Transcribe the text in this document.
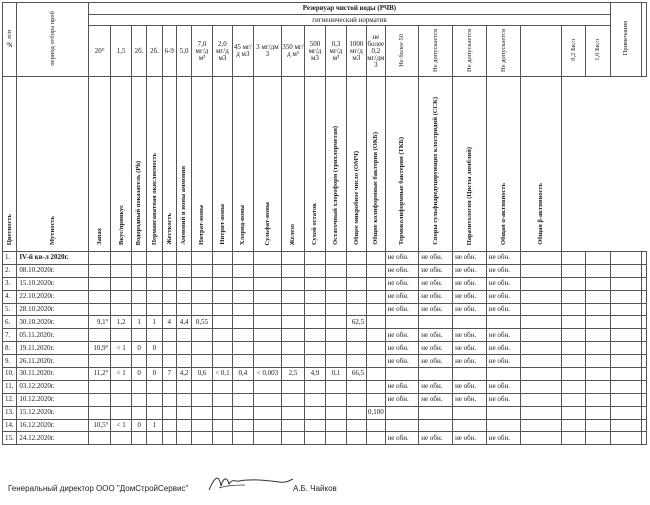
№ п/п	период отбора проб	Резервуар чистой воды (РЧВ)																						Примечания	
		гигиенический норматив																							
		20°	1,5	2б.	2б.	6-9	5,0	7,0 мг/д м³	2,0 мг/д м3	45 мг/д м3	3 мг/дм 3	350 мг/д м³	500 мг/д м3	0,3 мг/д м³	1000 мг/д м3	не более 0,2 мг/дм 3	Не более 50	Не допускается	Не допускается	Не допускается		0,2 Бк/л	1,0 Бк/л		
Цветность	Мутность	Запах	Вкус/привкус	Водородный показатель (Ph)	Перманганатная окисляемость	Жесткость	Аммоний и ионы аммония	Нитрат-ионы	Нитрит-ионы	Хлорид-ионы	Сульфат-ионы	Железо	Сухой остаток	Остаточный хлороформ (трихлорметан)	Общее микробное число (ОМЧ)	Общие колиформные бактерии (ОКБ)	Термоколиформные бактерии (ТКБ)	Споры сульфидредуцирующих клостридий (ССК)	Паразитология (Цисты лямблий)	Общая α-активность	Общая β-активность				
1.	IV-й кв-л 2020г.																не обн.	не обн.	не обн.	не обн.					
2.	08.10.2020г.																не обн.	не обн.	не обн.	не обн.					
3.	15.10.2020г.																не обн.	не обн.	не обн.	не обн.					
4.	22.10.2020г.																не обн.	не обн.	не обн.	не обн.					
5.	28.10.2020г.																не обн.	не обн.	не обн.	не обн.					
6.	30.10.2020г.	9,1°	1,2	1	1	4	4,4	0,55							62,5										
7.	05.11.2020г.																не обн.	не обн.	не обн.	не обн.					
8.	19.11.2020г.	10,9°	< 1	0	0												не обн.	не обн.	не обн.	не обн.					
9.	26.11.2020г.																не обн.	не обн.	не обн.	не обн.					
10.	30.11.2020г.	11,2°	< 1	0	0	7	4,2	0,6	< 0,1	0,4	< 0,003	2,5	4,9	0,1	66,5										
11.	03.12.2020г.																не обн.	не обн.	не обн.	не обн.					
12.	10.12.2020г.																не обн.	не обн.	не обн.	не обн.					
13.	15.12.2020г.															0,100									
14.	16.12.2020г.	10,5°	< 1	0	1																				
15.	24.12.2020г.																не обн.	не обн.	не обн.	не обн.					
Генеральный директор ООО "ДомСтройСервис"	А.Б. Чайков
